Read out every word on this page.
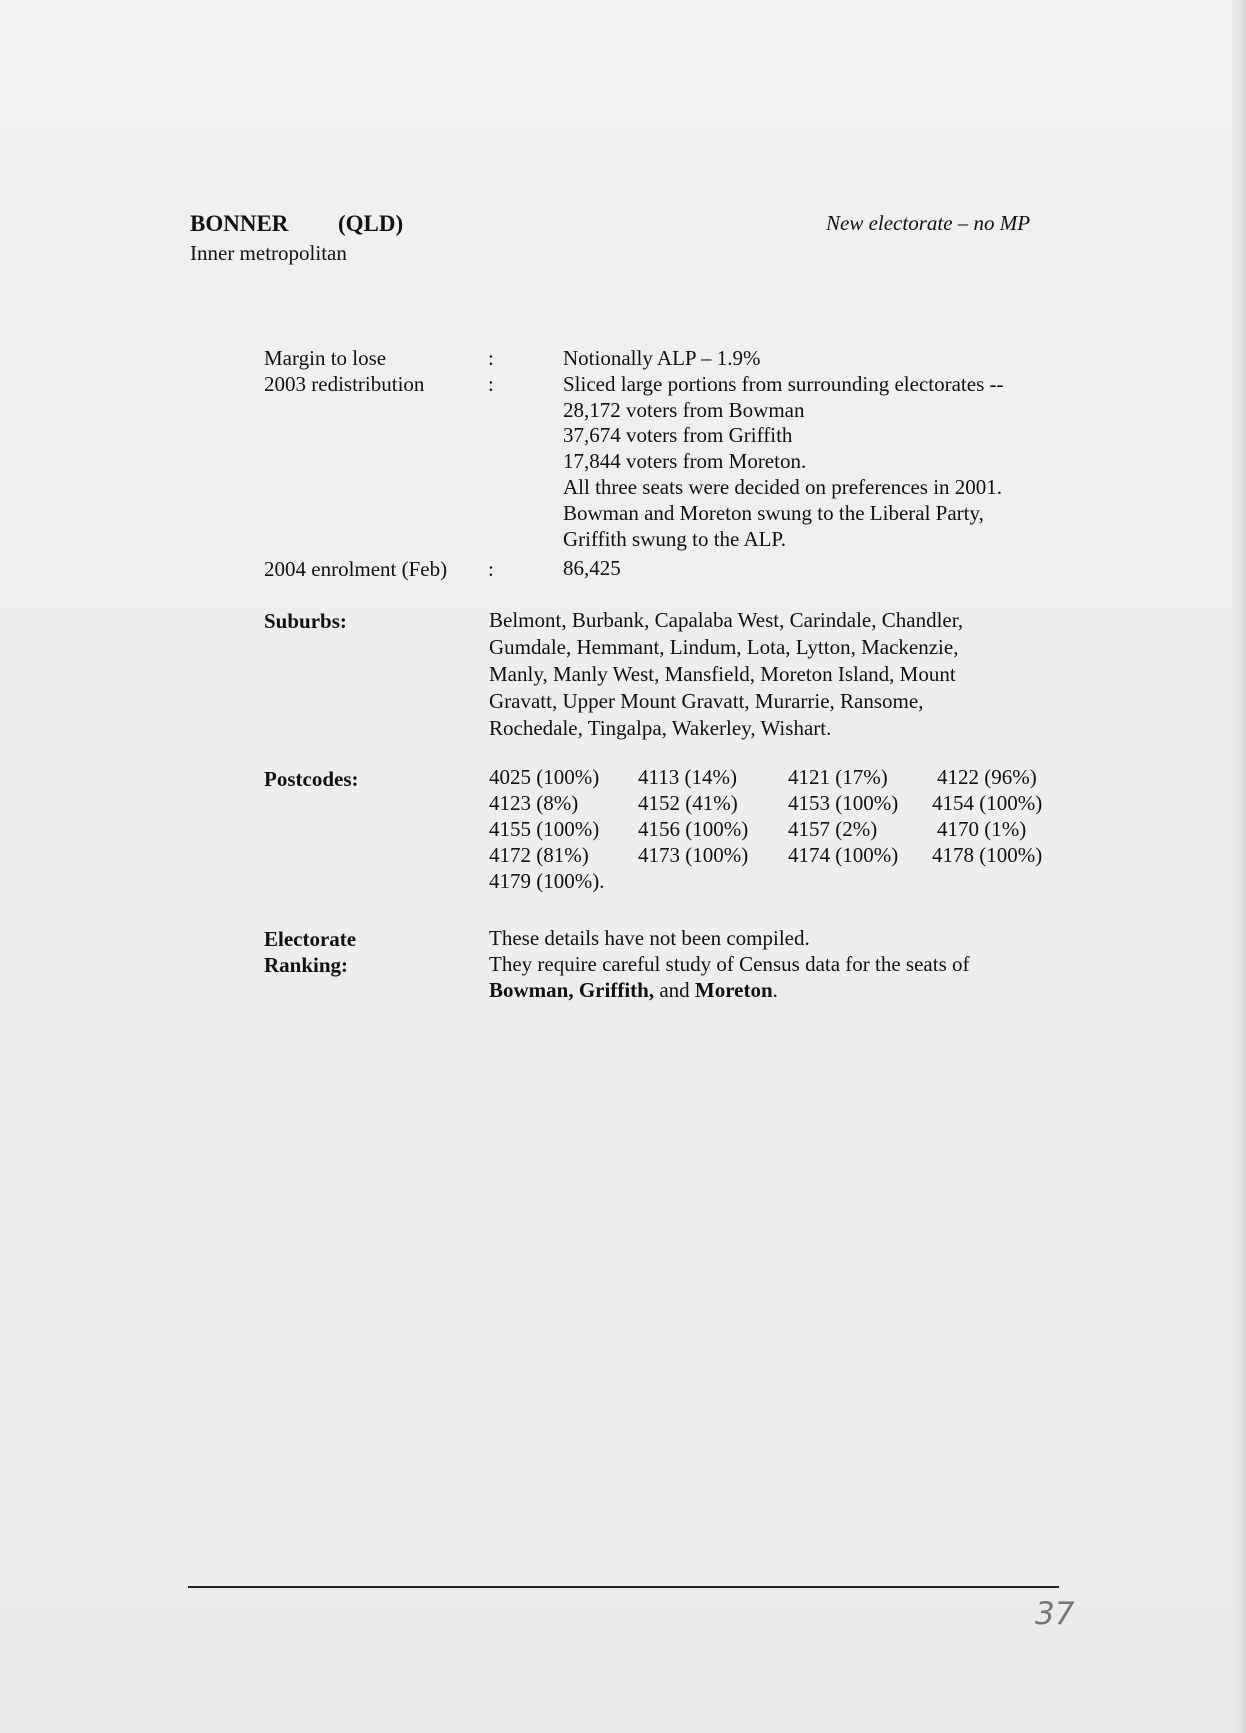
BONNER (QLD)
Inner metropolitan
New electorate – no MP
Margin to lose	:	Notionally ALP – 1.9%
2003 redistribution	:	Sliced large portions from surrounding electorates --
28,172 voters from Bowman
37,674 voters from Griffith
17,844 voters from Moreton.
All three seats were decided on preferences in 2001.
Bowman and Moreton swung to the Liberal Party,
Griffith swung to the ALP.
2004 enrolment (Feb) :	86,425
Suburbs:	Belmont, Burbank, Capalaba West, Carindale, Chandler,
Gumdale, Hemmant, Lindum, Lota, Lytton, Mackenzie,
Manly, Manly West, Mansfield, Moreton Island, Mount
Gravatt, Upper Mount Gravatt, Murarrie, Ransome,
Rochedale, Tingalpa, Wakerley, Wishart.
Postcodes:	4025 (100%) 4113 (14%) 4121 (17%) 4122 (96%)
4123 (8%)	4152 (41%) 4153 (100%) 4154 (100%)
4155 (100%) 4156 (100%) 4157 (2%)	4170 (1%)
4172 (81%) 4173 (100%) 4174 (100%) 4178 (100%)
4179 (100%).
Electorate
Ranking:
These details have not been compiled.
They require careful study of Census data for the seats of
Bowman, Griffith, and Moreton.
37
